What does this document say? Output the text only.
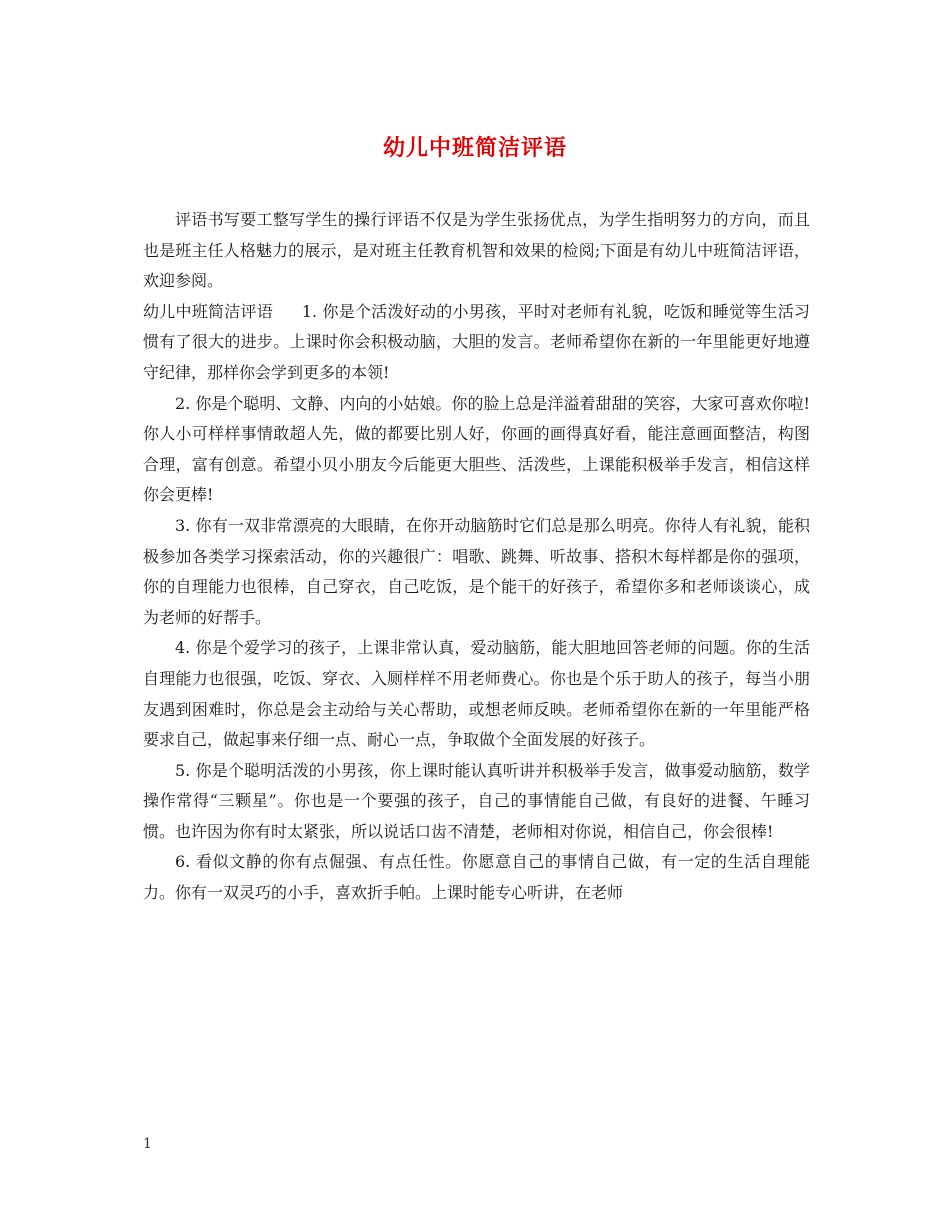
幼儿中班简洁评语

评语书写要工整写学生的操行评语不仅是为学生张扬优点，为学生指明努力的方向，而且也是班主任人格魅力的展示，是对班主任教育机智和效果的检阅;下面是有幼儿中班简洁评语，欢迎参阅。

幼儿中班简洁评语 1. 你是个活泼好动的小男孩，平时对老师有礼貌，吃饭和睡觉等生活习惯有了很大的进步。上课时你会积极动脑，大胆的发言。老师希望你在新的一年里能更好地遵守纪律，那样你会学到更多的本领!

2. 你是个聪明、文静、内向的小姑娘。你的脸上总是洋溢着甜甜的笑容，大家可喜欢你啦!你人小可样样事情敢超人先，做的都要比别人好，你画的画得真好看，能注意画面整洁，构图合理，富有创意。希望小贝小朋友今后能更大胆些、活泼些，上课能积极举手发言，相信这样你会更棒!

3. 你有一双非常漂亮的大眼睛，在你开动脑筋时它们总是那么明亮。你待人有礼貌，能积极参加各类学习探索活动，你的兴趣很广：唱歌、跳舞、听故事、搭积木每样都是你的强项，你的自理能力也很棒，自己穿衣，自己吃饭，是个能干的好孩子，希望你多和老师谈谈心，成为老师的好帮手。

4. 你是个爱学习的孩子，上课非常认真，爱动脑筋，能大胆地回答老师的问题。你的生活自理能力也很强，吃饭、穿衣、入厕样样不用老师费心。你也是个乐于助人的孩子，每当小朋友遇到困难时，你总是会主动给与关心帮助，或想老师反映。老师希望你在新的一年里能严格要求自己，做起事来仔细一点、耐心一点，争取做个全面发展的好孩子。

5. 你是个聪明活泼的小男孩，你上课时能认真听讲并积极举手发言，做事爱动脑筋，数学操作常得“三颗星”。你也是一个要强的孩子，自己的事情能自己做，有良好的进餐、午睡习惯。也许因为你有时太紧张，所以说话口齿不清楚，老师相对你说，相信自己，你会很棒!

6. 看似文静的你有点倔强、有点任性。你愿意自己的事情自己做，有一定的生活自理能力。你有一双灵巧的小手，喜欢折手帕。上课时能专心听讲，在老师

1
